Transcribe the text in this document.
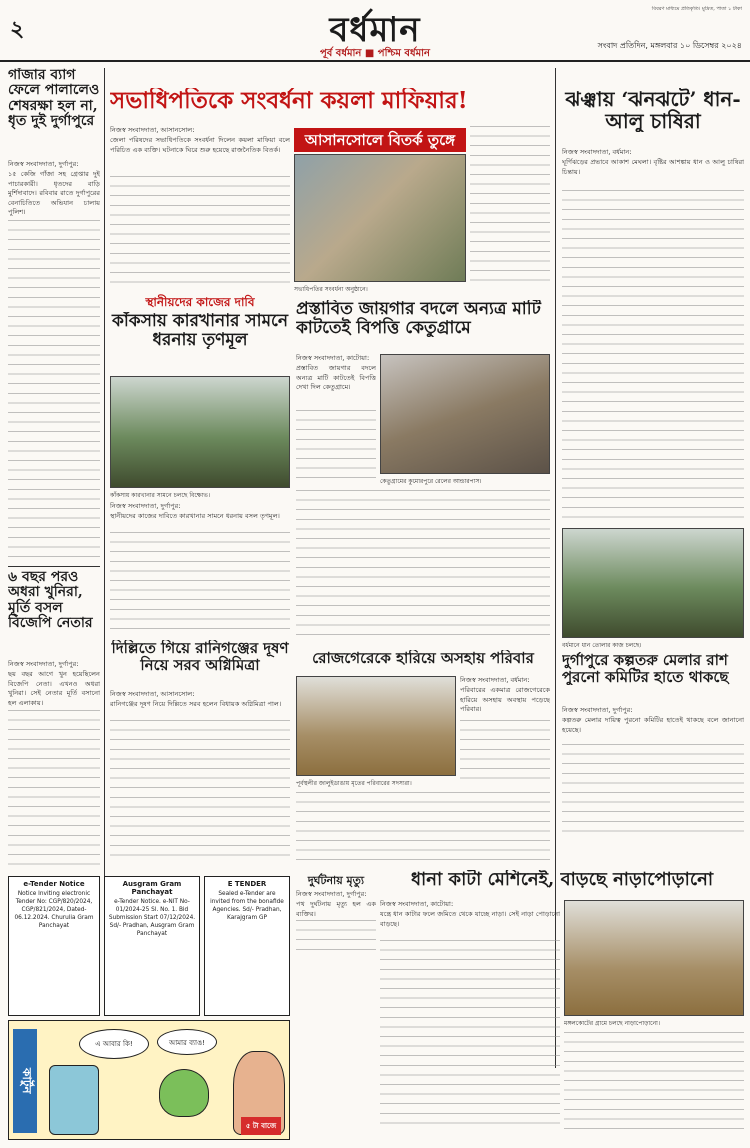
২	বর্ধমান
পূর্ব বর্ধমান ■ পশ্চিম বর্ধমান
বিবরণ মাধ্যমে প্রতিকৃতি। মুদ্রিত, পাতা ১ টাকা
সংবাদ প্রতিদিন, মঙ্গলবার ১০ ডিসেম্বর ২০২৪
গাঁজার ব্যাগ ফেলে পালালেও শেষরক্ষা হল না, ধৃত দুই দুর্গাপুরে
নিজস্ব সংবাদদাতা, দুর্গাপুর:
১৫ কেজি গাঁজা সহ গ্রেপ্তার দুই পাচারকারী। ধৃতদের বাড়ি মুর্শিদাবাদে। রবিবার রাতে দুর্গাপুরের বেনাচিতিতে অভিযান চালায় পুলিশ।
৬ বছর পরও অধরা খুনিরা, মূর্তি বসল বিজেপি নেতার
নিজস্ব সংবাদদাতা, দুর্গাপুর:
ছয় বছর আগে খুন হয়েছিলেন বিজেপি নেতা। এখনও অধরা খুনিরা। সেই নেতার মূর্তি বসানো হল এলাকায়।
সভাধিপতিকে সংবর্ধনা কয়লা মাফিয়ার!
নিজস্ব সংবাদদাতা, আসানসোল:
জেলা পরিষদের সভাধিপতিকে সংবর্ধনা দিলেন কয়লা মাফিয়া বলে পরিচিত এক ব্যক্তি। ঘটনাকে ঘিরে শুরু হয়েছে রাজনৈতিক বিতর্ক।
আসানসোলে বিতর্ক তুঙ্গে
সভাধিপতির সংবর্ধনা অনুষ্ঠানে।
স্থানীয়দের কাজের দাবি
কাঁকসায় কারখানার সামনে ধরনায় তৃণমূল
কাঁকসায় কারখানার সামনে চলছে বিক্ষোভ।
নিজস্ব সংবাদদাতা, দুর্গাপুর:
স্থানীয়দের কাজের দাবিতে কারখানার সামনে ধরনায় বসল তৃণমূল।
দিল্লিতে গিয়ে রানিগঞ্জের দূষণ নিয়ে সরব অগ্নিমিত্রা
নিজস্ব সংবাদদাতা, আসানসোল:
রানিগঞ্জের দূষণ নিয়ে দিল্লিতে সরব হলেন বিধায়ক অগ্নিমিত্রা পাল।
প্রস্তাবিত জায়গার বদলে অন্যত্র মাটি কাটতেই বিপত্তি কেতুগ্রামে
নিজস্ব সংবাদদাতা, কাটোয়া:
প্রস্তাবিত জায়গার বদলে অন্যত্র মাটি কাটতেই বিপত্তি দেখা দিল কেতুগ্রামে।
কেতুগ্রামের কুমোরপুরে রেলের আন্ডারপাস।
রোজগেরেকে হারিয়ে অসহায় পরিবার
পূর্বস্থলীর জালুইডাঙায় মৃতের পরিবারের সদস্যরা।
নিজস্ব সংবাদদাতা, বর্ধমান:
পরিবারের একমাত্র রোজগেরেকে হারিয়ে অসহায় অবস্থায় পড়েছে পরিবার।
ঝঞ্ঝায় ‘ঝনঝটে’ ধান-আলু চাষিরা
নিজস্ব সংবাদদাতা, বর্ধমান:
ঘূর্ণিঝড়ের প্রভাবে আকাশ মেঘলা। বৃষ্টির আশঙ্কায় ধান ও আলু চাষিরা চিন্তায়।
বর্ধমানে ধান তোলার কাজ চলছে।
দুর্গাপুরে কল্পতরু মেলার রাশ পুরনো কমিটির হাতে থাকছে
নিজস্ব সংবাদদাতা, দুর্গাপুর:
কল্পতরু মেলার দায়িত্ব পুরনো কমিটির হাতেই থাকছে বলে জানানো হয়েছে।
e-Tender Notice
Notice Inviting electronic Tender No: CGP/820/2024, CGP/821/2024, Dated- 06.12.2024. Churulia Gram Panchayat
Ausgram Gram Panchayat
e-Tender Notice. e-NIT No-01/2024-25 Sl. No. 1. Bid Submission Start 07/12/2024. Sd/- Pradhan, Ausgram Gram Panchayat
E TENDER
Sealed e-Tender are invited from the bonafide Agencies. Sd/- Pradhan, Karajgram GP
দুর্ঘটনায় মৃত্যু
নিজস্ব সংবাদদাতা, দুর্গাপুর:
পথ দুর্ঘটনায় মৃত্যু হল এক ব্যক্তির।
ধানা কাটা মেশিনেই, বাড়ছে নাড়াপোড়ানো
নিজস্ব সংবাদদাতা, কাটোয়া:
যন্ত্রে ধান কাটার ফলে জমিতে থেকে যাচ্ছে নাড়া। সেই নাড়া পোড়ানো বাড়ছে।
মঙ্গলকোটের গ্রামে চলছে নাড়াপোড়ানো।
কার্টুন
এ আবার কি!	আমার ব্যাঙ!
৫ টা বাজে
